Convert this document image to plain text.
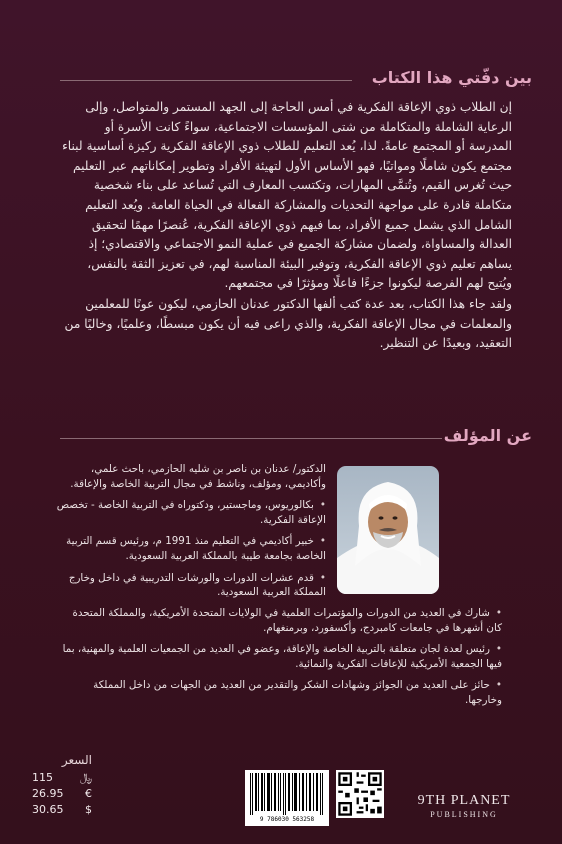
بين دفّتي هذا الكتاب

إن الطلاب ذوي الإعاقة الفكرية في أمس الحاجة إلى الجهد المستمر والمتواصل، وإلى الرعاية الشاملة والمتكاملة من شتى المؤسسات الاجتماعية، سواءً كانت الأسرة أو المدرسة أو المجتمع عامةً. لذا، يُعد التعليم للطلاب ذوي الإعاقة الفكرية ركيزة أساسية لبناء مجتمع يكون شاملًا ومواتيًا، فهو الأساس الأول لتهيئة الأفراد وتطوير إمكاناتهم عبر التعليم حيث تُغرس القيم، وتُنمَّى المهارات، وتكتسب المعارف التي تُساعد على بناء شخصية متكاملة قادرة على مواجهة التحديات والمشاركة الفعالة في الحياة العامة. ويُعد التعليم الشامل الذي يشمل جميع الأفراد، بما فيهم ذوي الإعاقة الفكرية، عُنصرًا مهمًا لتحقيق العدالة والمساواة، ولضمان مشاركة الجميع في عملية النمو الاجتماعي والاقتصادي؛ إذ يساهم تعليم ذوي الإعاقة الفكرية، وتوفير البيئة المناسبة لهم، في تعزيز الثقة بالنفس، ويُتيح لهم الفرصة ليكونوا جزءًا فاعلًا ومؤثرًا في مجتمعهم.

ولقد جاء هذا الكتاب، بعد عدة كتب ألفها الدكتور عدنان الحازمي، ليكون عونًا للمعلمين والمعلمات في مجال الإعاقة الفكرية، والذي راعى فيه أن يكون مبسطًا، وعلميًا، وخاليًا من التعقيد، وبعيدًا عن التنظير.

عن المؤلف

الدكتور/ عدنان بن ناصر بن شليه الحازمي، باحث علمي، وأكاديمي، ومؤلف، وناشط في مجال التربية الخاصة والإعاقة.

• بكالوريوس، وماجستير، ودكتوراه في التربية الخاصة - تخصص الإعاقة الفكرية.

• خبير أكاديمي في التعليم منذ 1991 م، ورئيس قسم التربية الخاصة بجامعة طيبة بالمملكة العربية السعودية.

• قدم عشرات الدورات والورشات التدريبية في داخل وخارج المملكة العربية السعودية.

• شارك في العديد من الدورات والمؤتمرات العلمية في الولايات المتحدة الأمريكية، والمملكة المتحدة كان أشهرها في جامعات كامبردج، وأكسفورد، وبرمنغهام.

• رئيس لعدة لجان متعلقة بالتربية الخاصة والإعاقة، وعضو في العديد من الجمعيات العلمية والمهنية، بما فيها الجمعية الأمريكية للإعاقات الفكرية والنمائية.

• حائز على العديد من الجوائز وشهادات الشكر والتقدير من العديد من الجهات من داخل المملكة وخارجها.

السعر
115 ﷼
26.95 €
30.65 $
9 786030 563258
9TH PLANET
PUBLISHING
